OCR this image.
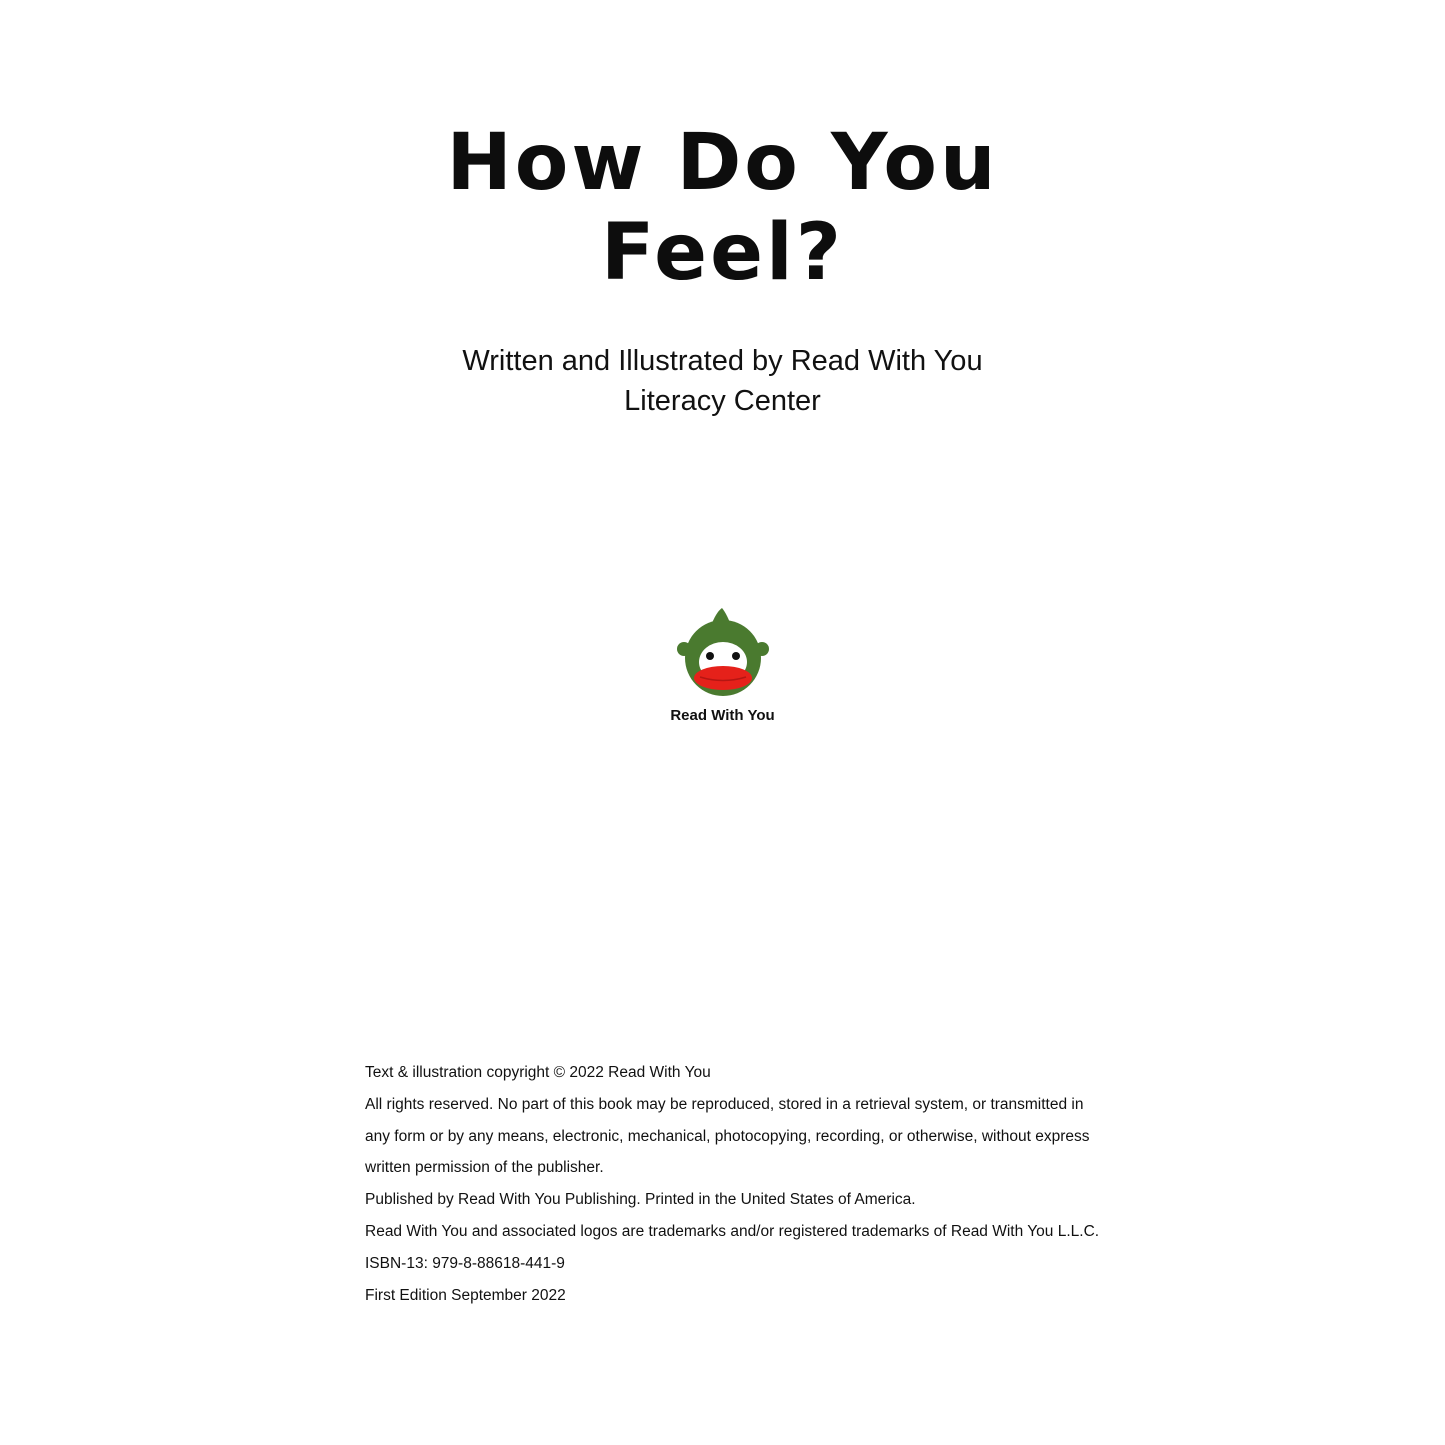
How Do You
Feel?
Written and Illustrated by Read With You
Literacy Center
Read With You

Text & illustration copyright © 2022 Read With You

All rights reserved. No part of this book may be reproduced, stored in a retrieval system, or transmitted in

any form or by any means, electronic, mechanical, photocopying, recording, or otherwise, without express

written permission of the publisher.

Published by Read With You Publishing. Printed in the United States of America.

Read With You and associated logos are trademarks and/or registered trademarks of Read With You L.L.C.

ISBN-13: 979-8-88618-441-9

First Edition September 2022
